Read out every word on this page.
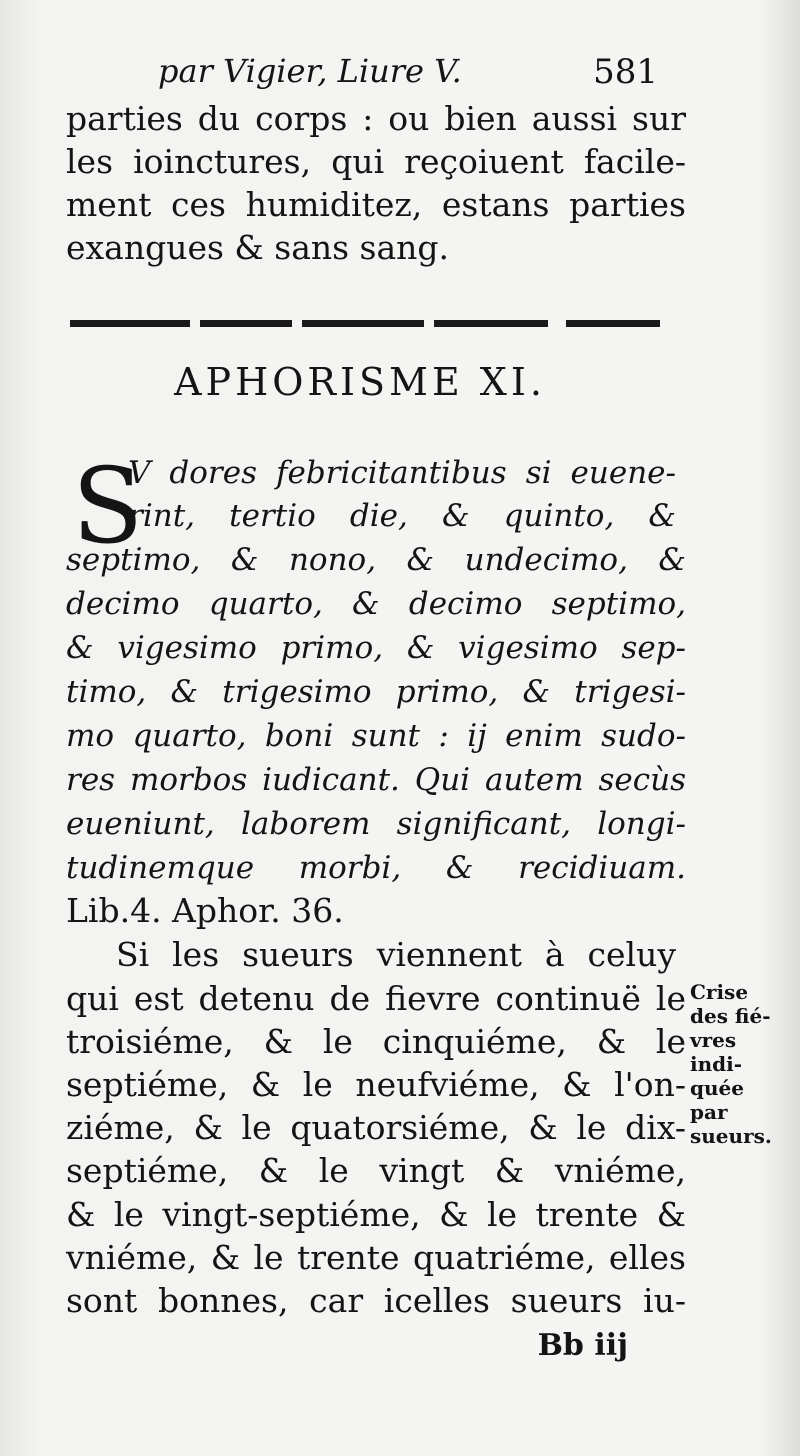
par Vigier, Liure V.	581
parties du corps : ou bien aussi sur
les ioinctures, qui reçoiuent facile-
ment ces humiditez, estans parties
exangues & sans sang.
APHORISME XI.
S
V dores febricitantibus si euene-
rint, tertio die, & quinto, &
septimo, & nono, & undecimo, &
decimo quarto, & decimo septimo,
& vigesimo primo, & vigesimo sep-
timo, & trigesimo primo, & trigesi-
mo quarto, boni sunt : ij enim sudo-
res morbos iudicant. Qui autem secùs
eueniunt, laborem significant, longi-
tudinemque morbi, & recidiuam.
Lib.4. Aphor. 36.
Si les sueurs viennent à celuy
qui est detenu de fievre continuë le
troisiéme, & le cinquiéme, & le
septiéme, & le neufviéme, & l'on-
ziéme, & le quatorsiéme, & le dix-
septiéme, & le vingt & vniéme,
& le vingt-septiéme, & le trente &
vniéme, & le trente quatriéme, elles
sont bonnes, car icelles sueurs iu-
Crise
des fié-
vres
indi-
quée
par
sueurs.
Bb iij
